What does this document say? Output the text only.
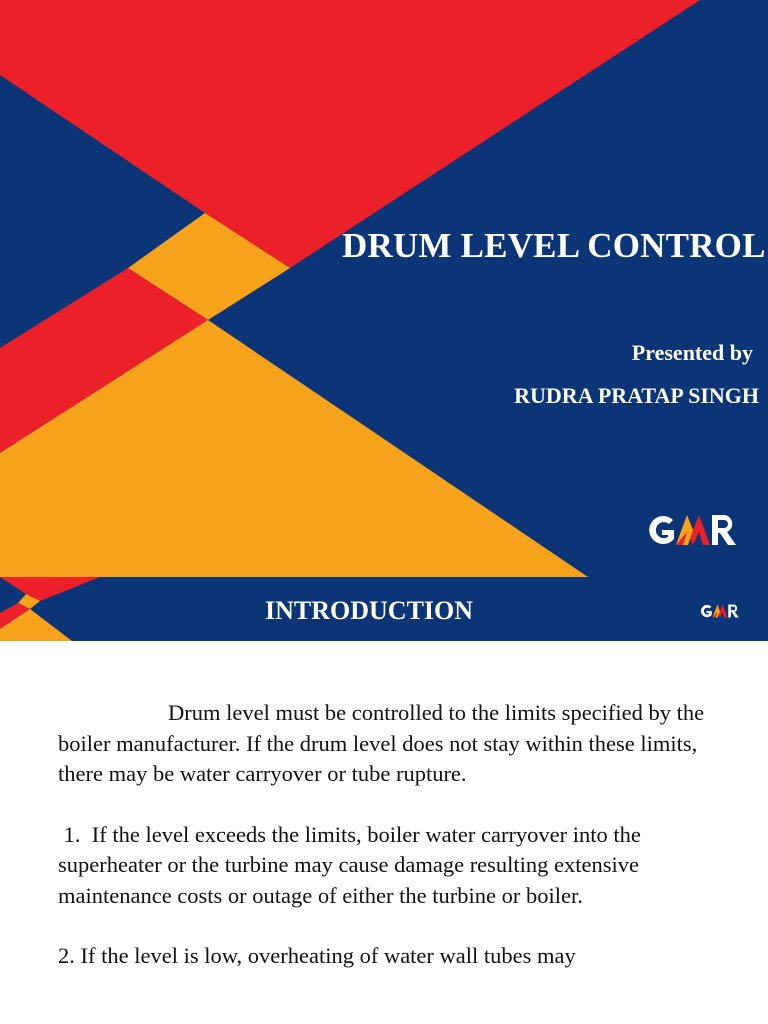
DRUM LEVEL CONTROL
Presented by
RUDRA PRATAP SINGH
INTRODUCTION

Drum level must be controlled to the limits specified by the boiler manufacturer. If the drum level does not stay within these limits, there may be water carryover or tube rupture.

1.  If the level exceeds the limits, boiler water carryover into the superheater or the turbine may cause damage resulting extensive maintenance costs or outage of either the turbine or boiler.

2. If the level is low, overheating of water wall tubes may
